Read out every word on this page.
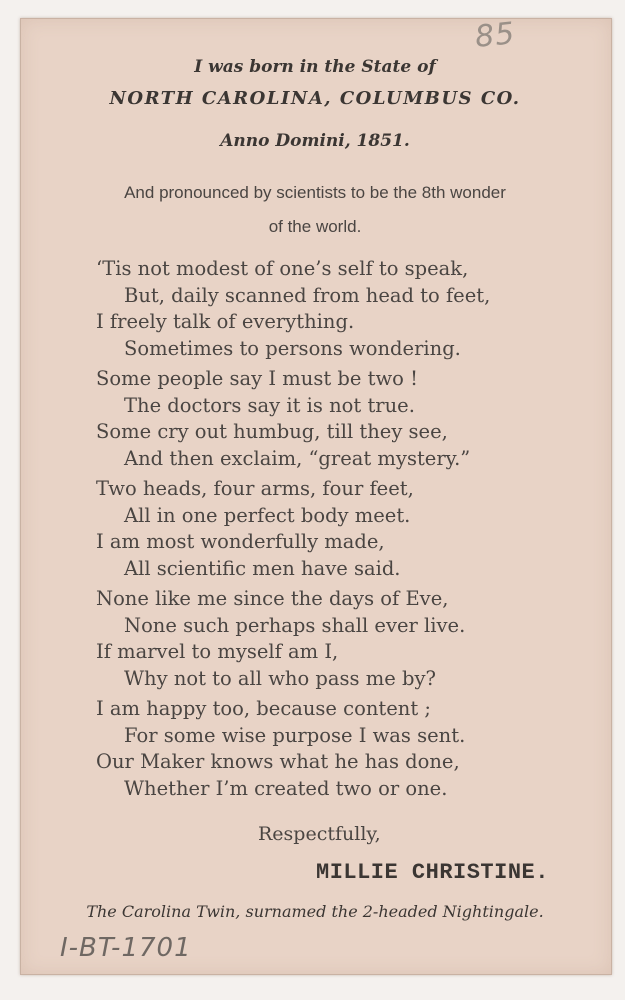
85
I was born in the State of
NORTH CAROLINA, COLUMBUS CO.
Anno Domini, 1851.
And pronounced by scientists to be the 8th wonder
of the world.
‘Tis not modest of one’s self to speak,
But, daily scanned from head to feet,
I freely talk of everything.
Sometimes to persons wondering.
Some people say I must be two !
The doctors say it is not true.
Some cry out humbug, till they see,
And then exclaim, “great mystery.”
Two heads, four arms, four feet,
All in one perfect body meet.
I am most wonderfully made,
All scientific men have said.
None like me since the days of Eve,
None such perhaps shall ever live.
If marvel to myself am I,
Why not to all who pass me by?
I am happy too, because content ;
For some wise purpose I was sent.
Our Maker knows what he has done,
Whether I’m created two or one.
Respectfully,
MILLIE CHRISTINE.
The Carolina Twin, surnamed the 2-headed Nightingale.
I-BT-1701
